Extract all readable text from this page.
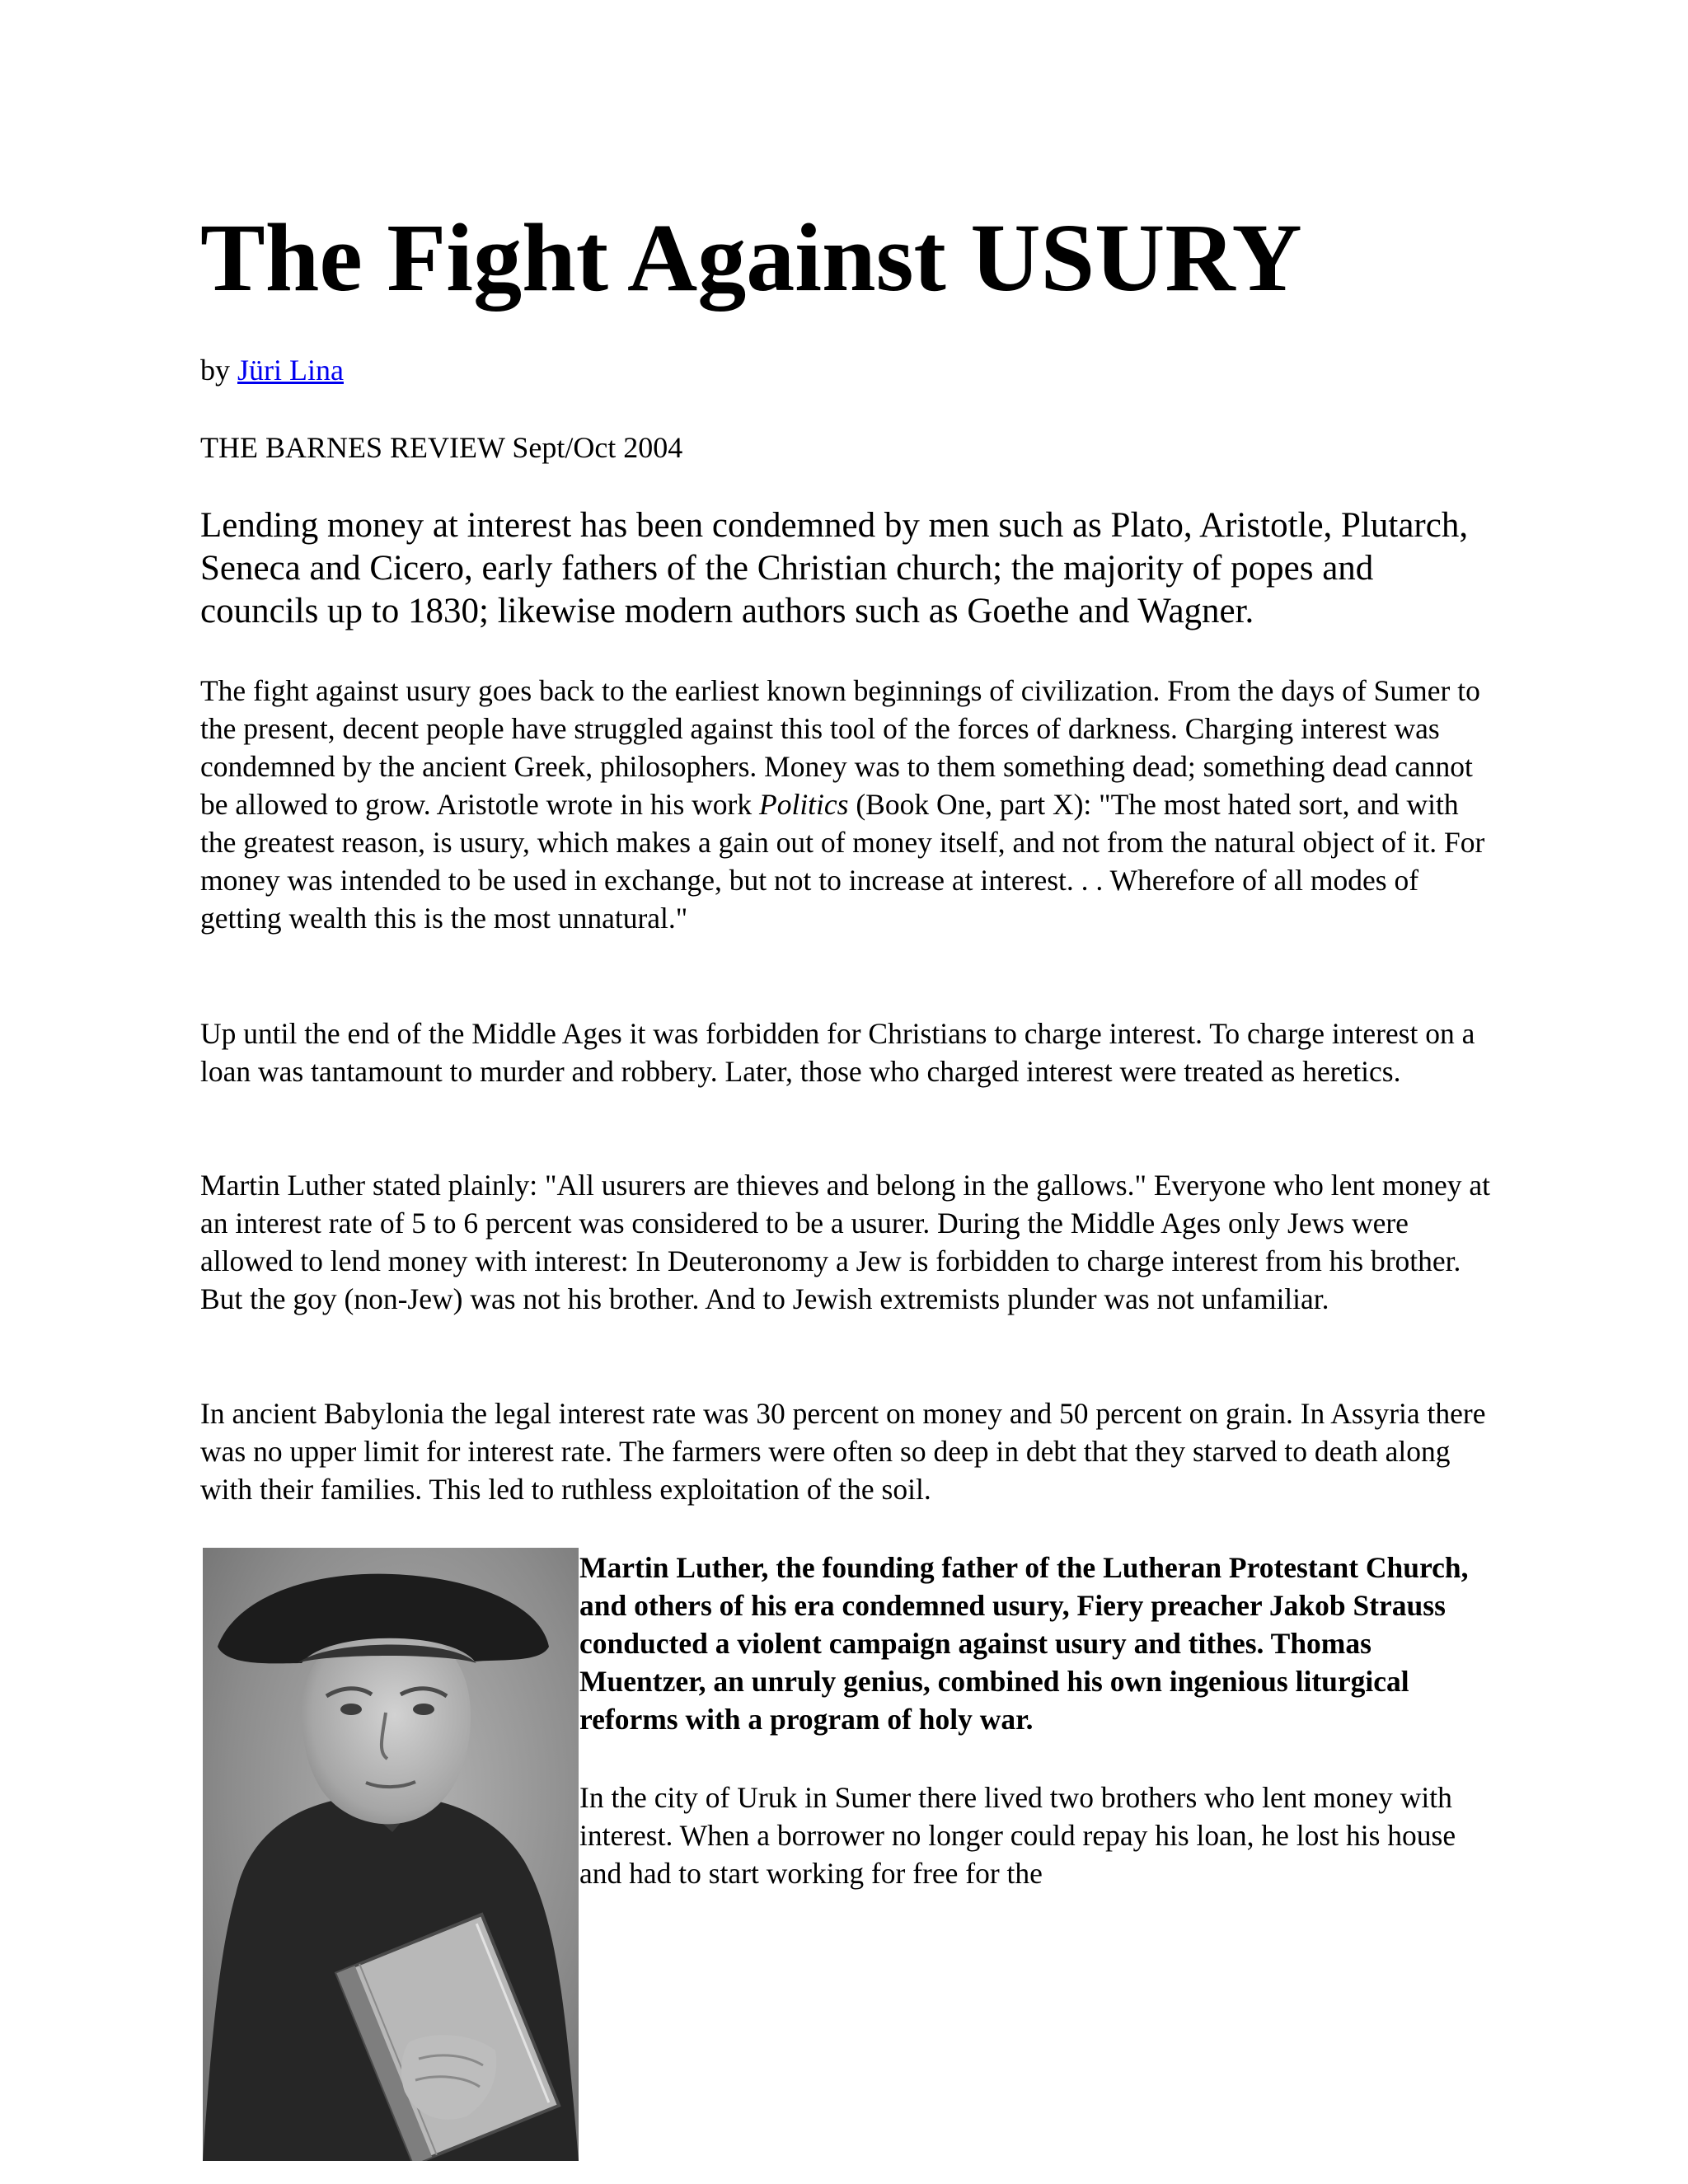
The Fight Against USURY
by Jüri Lina
THE BARNES REVIEW Sept/Oct 2004

Lending money at interest has been condemned by men such as Plato, Aristotle, Plutarch, Seneca and Cicero, early fathers of the Christian church; the majority of popes and councils up to 1830; likewise modern authors such as Goethe and Wagner.

The fight against usury goes back to the earliest known beginnings of civilization. From the days of Sumer to the present, decent people have struggled against this tool of the forces of darkness. Charging interest was condemned by the ancient Greek, philosophers. Money was to them something dead; something dead cannot be allowed to grow. Aristotle wrote in his work Politics (Book One, part X): "The most hated sort, and with the greatest reason, is usury, which makes a gain out of money itself, and not from the natural object of it. For money was intended to be used in exchange, but not to increase at interest. . . Wherefore of all modes of getting wealth this is the most unnatural."

Up until the end of the Middle Ages it was forbidden for Christians to charge interest. To charge interest on a loan was tantamount to murder and robbery. Later, those who charged interest were treated as heretics.

Martin Luther stated plainly: "All usurers are thieves and belong in the gallows." Everyone who lent money at an interest rate of 5 to 6 percent was considered to be a usurer. During the Middle Ages only Jews were allowed to lend money with interest: In Deuteronomy a Jew is forbidden to charge interest from his brother. But the goy (non-Jew) was not his brother. And to Jewish extremists plunder was not unfamiliar.

In ancient Babylonia the legal interest rate was 30 percent on money and 50 percent on grain. In Assyria there was no upper limit for interest rate. The farmers were often so deep in debt that they starved to death along with their families. This led to ruthless exploitation of the soil.

Martin Luther, the founding father of the Lutheran Protestant Church, and others of his era condemned usury, Fiery preacher Jakob Strauss conducted a violent campaign against usury and tithes. Thomas Muentzer, an unruly genius, combined his own ingenious liturgical reforms with a program of holy war.

In the city of Uruk in Sumer there lived two brothers who lent money with interest. When a borrower no longer could repay his loan, he lost his house and had to start working for free for the
